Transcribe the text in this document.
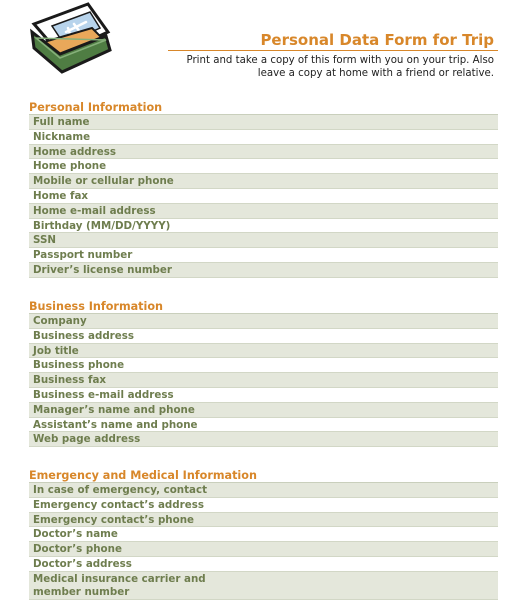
Personal Data Form for Trip
Print and take a copy of this form with you on your trip. Also
leave a copy at home with a friend or relative.
Personal Information
Full name
Nickname
Home address
Home phone
Mobile or cellular phone
Home fax
Home e-mail address
Birthday (MM/DD/YYYY)
SSN
Passport number
Driver’s license number
Business Information
Company
Business address
Job title
Business phone
Business fax
Business e-mail address
Manager’s name and phone
Assistant’s name and phone
Web page address
Emergency and Medical Information
In case of emergency, contact
Emergency contact’s address
Emergency contact’s phone
Doctor’s name
Doctor’s phone
Doctor’s address
Medical insurance carrier and
member number
